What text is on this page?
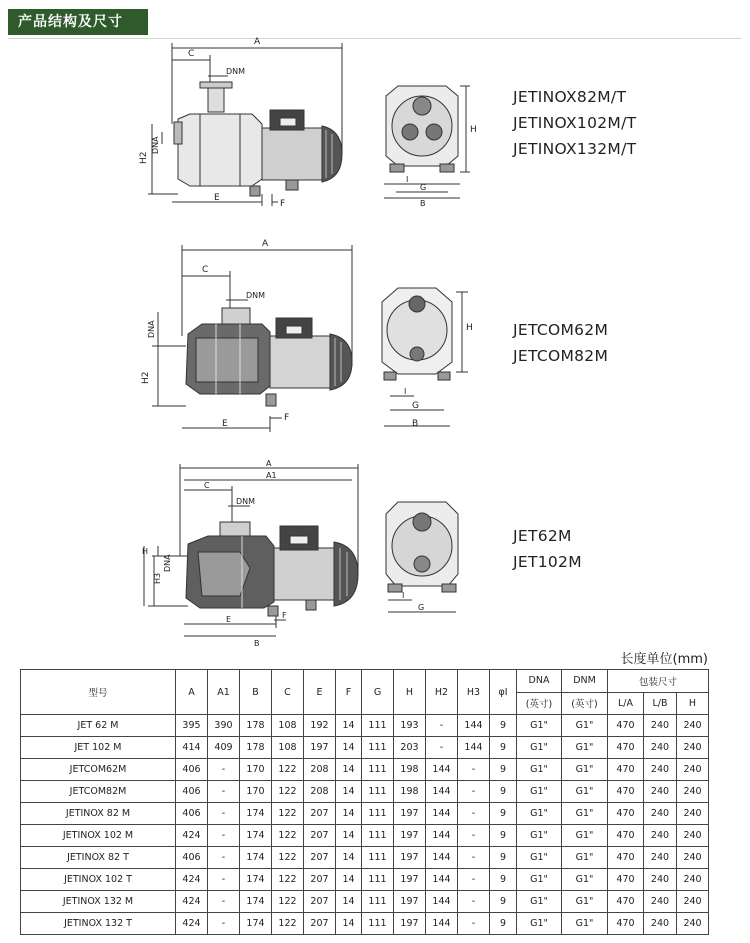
产品结构及尺寸
A
C
DNM
DNA
H2
E
F
H
I
G
B
JETINOX82M/T
JETINOX102M/T
JETINOX132M/T
A
C
DNM
DNA
H2
E
F
H
I
G
B
JETCOM62M
JETCOM82M
A
A1
C
DNM
DNA
H3
H
E	F
B
I
G
JET62M
JET102M
长度单位(mm)
型号	A	A1	B	C	E	F	G	H	H2	H3	φI	DNA	DNM	包装尺寸		
												(英寸)	(英寸)	L/A	L/B	H
JET 62 M	395	390	178	108	192	14	111	193	-	144	9	G1"	G1"	470	240	240
JET 102 M	414	409	178	108	197	14	111	203	-	144	9	G1"	G1"	470	240	240
JETCOM62M	406	-	170	122	208	14	111	198	144	-	9	G1"	G1"	470	240	240
JETCOM82M	406	-	170	122	208	14	111	198	144	-	9	G1"	G1"	470	240	240
JETINOX 82 M	406	-	174	122	207	14	111	197	144	-	9	G1"	G1"	470	240	240
JETINOX 102 M	424	-	174	122	207	14	111	197	144	-	9	G1"	G1"	470	240	240
JETINOX 82 T	406	-	174	122	207	14	111	197	144	-	9	G1"	G1"	470	240	240
JETINOX 102 T	424	-	174	122	207	14	111	197	144	-	9	G1"	G1"	470	240	240
JETINOX 132 M	424	-	174	122	207	14	111	197	144	-	9	G1"	G1"	470	240	240
JETINOX 132 T	424	-	174	122	207	14	111	197	144	-	9	G1"	G1"	470	240	240
